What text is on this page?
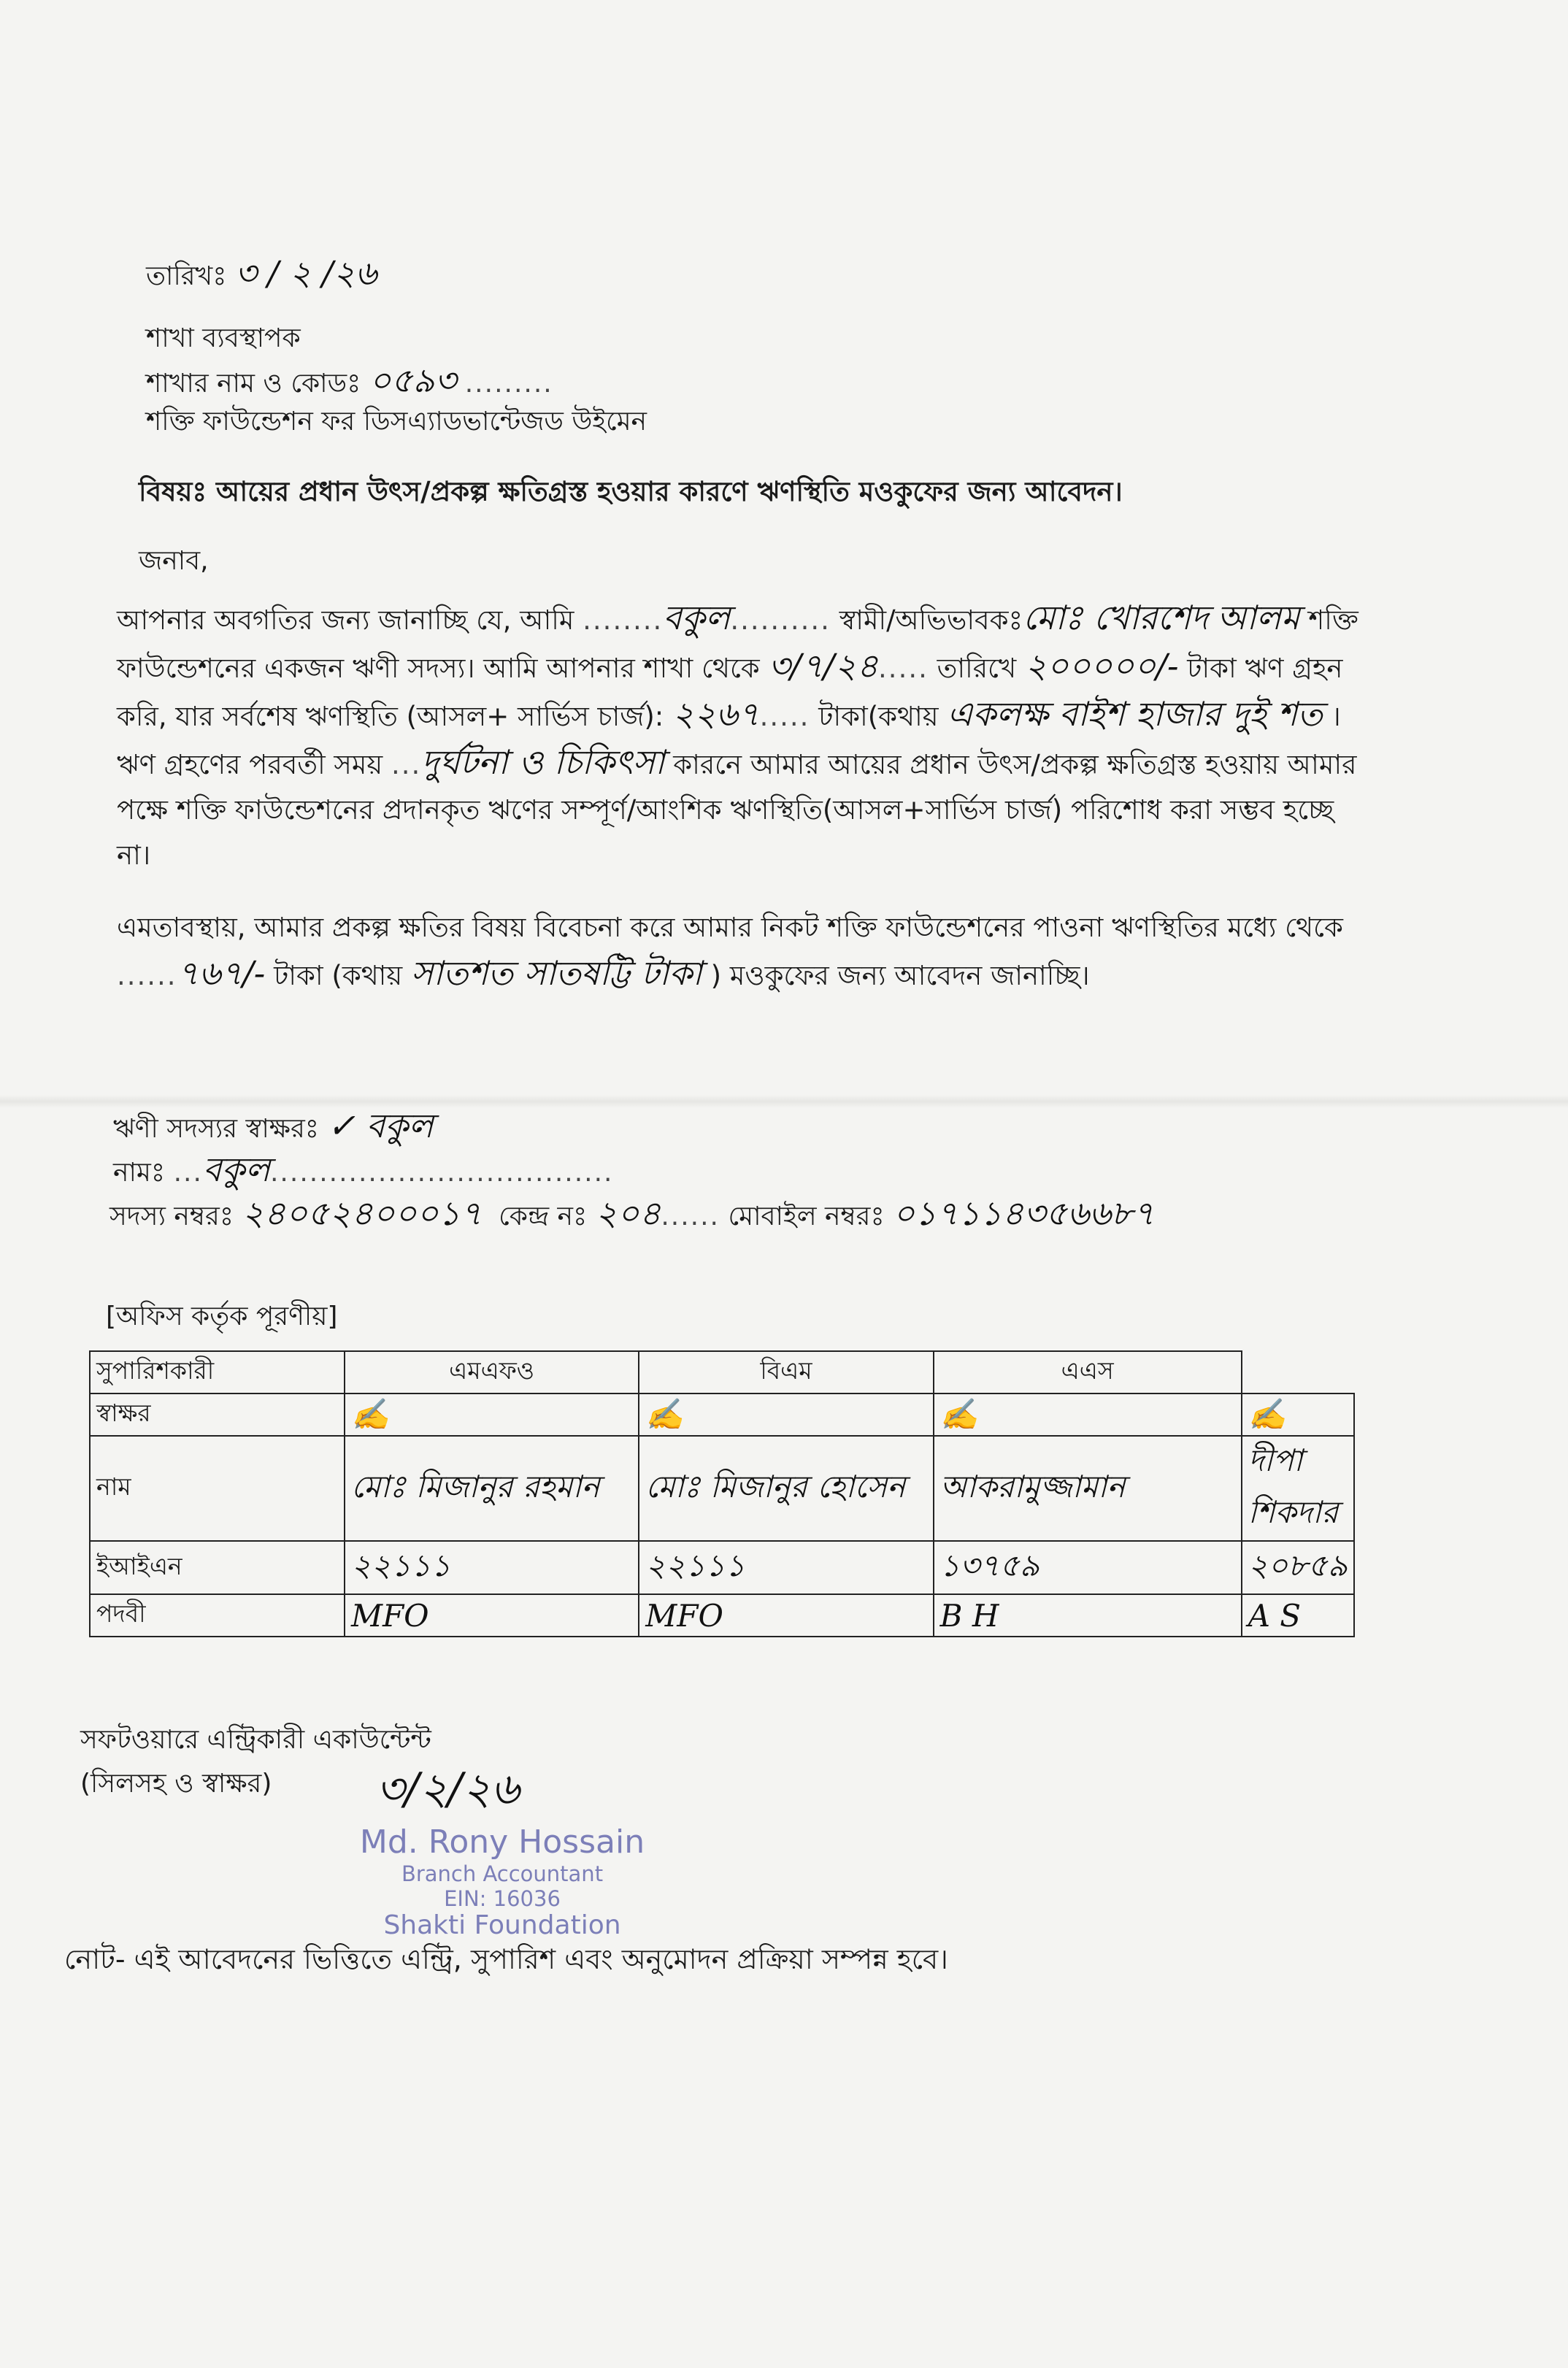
তারিখঃ ৩ / ২ /২৬
শাখা ব্যবস্থাপক
শাখার নাম ও কোডঃ ০৫৯৩ .........
শক্তি ফাউন্ডেশন ফর ডিসএ্যাডভান্টেজড উইমেন
বিষয়ঃ আয়ের প্রধান উৎস/প্রকল্প ক্ষতিগ্রস্ত হওয়ার কারণে ঋণস্থিতি মওকুফের জন্য আবেদন।
জনাব,
আপনার অবগতির জন্য জানাচ্ছি যে, আমি ........বকুল.......... স্বামী/অভিভাবকঃমোঃ খোরশেদ আলম শক্তি ফাউন্ডেশনের একজন ঋণী সদস্য। আমি আপনার শাখা থেকে ৩/৭/২৪..... তারিখে ২০০০০০/- টাকা ঋণ গ্রহন করি, যার সর্বশেষ ঋণস্থিতি (আসল+ সার্ভিস চার্জ): ২২৬৭..... টাকা(কথায় একলক্ষ বাইশ হাজার দুই শত । ঋণ গ্রহণের পরবর্তী সময় ...দুর্ঘটনা ও চিকিৎসা কারনে আমার আয়ের প্রধান উৎস/প্রকল্প ক্ষতিগ্রস্ত হওয়ায় আমার পক্ষে শক্তি ফাউন্ডেশনের প্রদানকৃত ঋণের সম্পূর্ণ/আংশিক ঋণস্থিতি(আসল+সার্ভিস চার্জ) পরিশোধ করা সম্ভব হচ্ছে না।
এমতাবস্থায়, আমার প্রকল্প ক্ষতির বিষয় বিবেচনা করে আমার নিকট শক্তি ফাউন্ডেশনের পাওনা ঋণস্থিতির মধ্যে থেকে ......৭৬৭/- টাকা (কথায় সাতশত সাতষট্টি টাকা ) মওকুফের জন্য আবেদন জানাচ্ছি।
ঋণী সদস্যর স্বাক্ষরঃ ✓ বকুল
নামঃ ...বকুল...................................
সদস্য নম্বরঃ ২৪০৫২৪০০০১৭ কেন্দ্র নঃ ২০৪...... মোবাইল নম্বরঃ ০১৭১১৪৩৫৬৬৮৭
[অফিস কর্তৃক পূরণীয়]
সুপারিশকারী	এমএফও	বিএম	এএস	
স্বাক্ষর	✍	✍	✍	✍
নাম	মোঃ মিজানুর রহমান	মোঃ মিজানুর হোসেন	আকরামুজ্জামান	দীপা শিকদার
ইআইএন	২২১১১	২২১১১	১৩৭৫৯	২০৮৫৯
পদবী	MFO	MFO	B H	A S
সফটওয়ারে এন্ট্রিকারী একাউন্টেন্ট
(সিলসহ ও স্বাক্ষর) ৩/২/২৬
Md. Rony Hossain
Branch Accountant
EIN: 16036
Shakti Foundation
নোট- এই আবেদনের ভিত্তিতে এন্ট্রি, সুপারিশ এবং অনুমোদন প্রক্রিয়া সম্পন্ন হবে।
